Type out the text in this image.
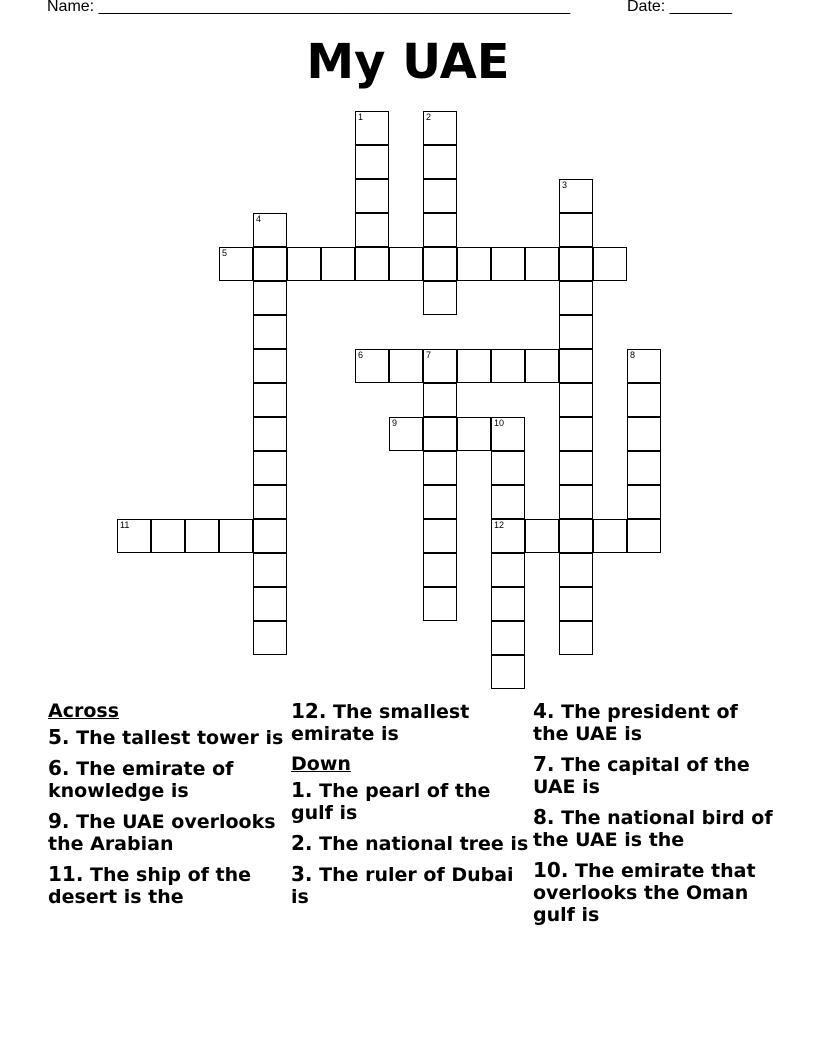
Name: _____________________________________________________	Date: _______
My UAE
1	2
3
4
5
6	7	8
9	10
11	12
Across
5. The tallest tower is
6. The emirate of knowledge is
9. The UAE overlooks the Arabian
11. The ship of the desert is the
12. The smallest emirate is
Down
1. The pearl of the gulf is
2. The national tree is
3. The ruler of Dubai is
4. The president of the UAE is
7. The capital of the UAE is
8. The national bird of the UAE is the
10. The emirate that overlooks the Oman gulf is
